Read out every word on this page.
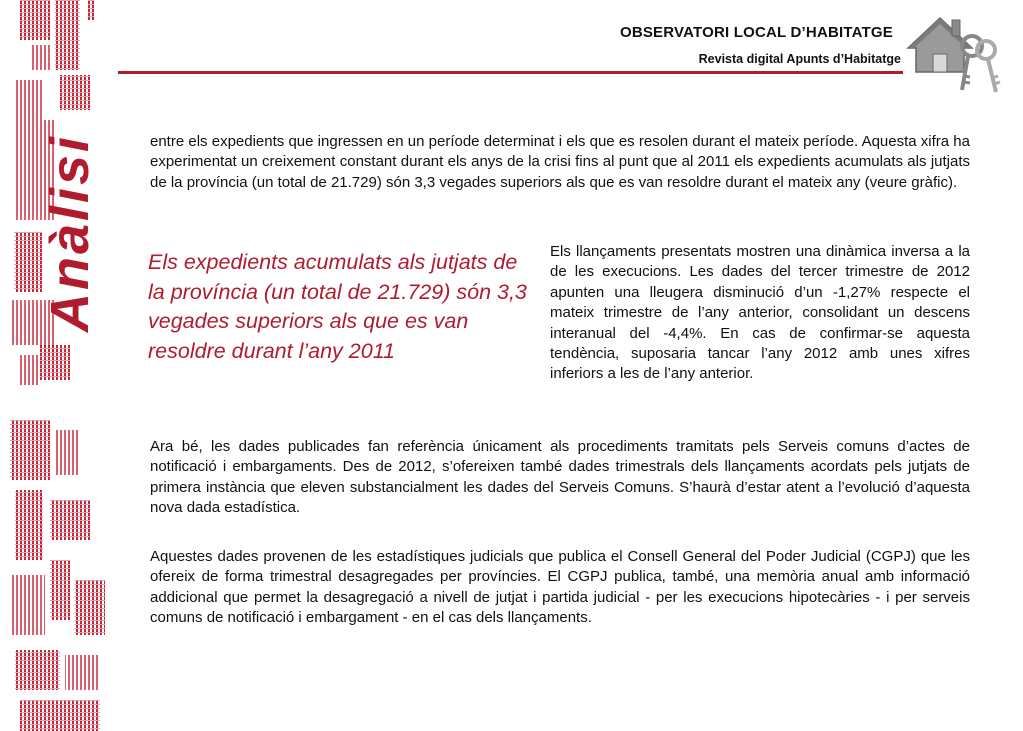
Anàlisi
OBSERVATORI LOCAL D’HABITATGE
Revista digital Apunts d’Habitatge
entre els expedients que ingressen en un període determinat i els que es resolen durant el mateix període. Aquesta xifra ha experimentat un creixement constant durant els anys de la crisi fins al punt que al 2011 els expedients acumulats als jutjats de la província (un total de 21.729) són 3,3 vegades superiors als que es van resoldre durant el mateix any (veure gràfic).
Els expedients acumulats als jutjats de la província (un total de 21.729) són 3,3 vegades superiors als que es van resoldre durant l’any 2011
Els llançaments presentats mostren una dinàmica inversa a la de les execucions. Les dades del tercer trimestre de 2012 apunten una lleugera disminució d’un -1,27% respecte el mateix trimestre de l’any anterior, consolidant un descens interanual del -4,4%. En cas de confirmar-se aquesta tendència, suposaria tancar l’any 2012 amb unes xifres inferiors a les de l’any anterior.
Ara bé, les dades publicades fan referència únicament als procediments tramitats pels Serveis comuns d’actes de notificació i embargaments. Des de 2012, s’ofereixen també dades trimestrals dels llançaments acordats pels jutjats de primera instància que eleven substancialment les dades del Serveis Comuns. S’haurà d’estar atent a l’evolució d’aquesta nova dada estadística.
Aquestes dades provenen de les estadístiques judicials que publica el Consell General del Poder Judicial (CGPJ) que les ofereix de forma trimestral desagregades per províncies. El CGPJ publica, també, una memòria anual amb informació addicional que permet la desagregació a nivell de jutjat i partida judicial - per les execucions hipotecàries - i per serveis comuns de notificació i embargament - en el cas dels llançaments.
